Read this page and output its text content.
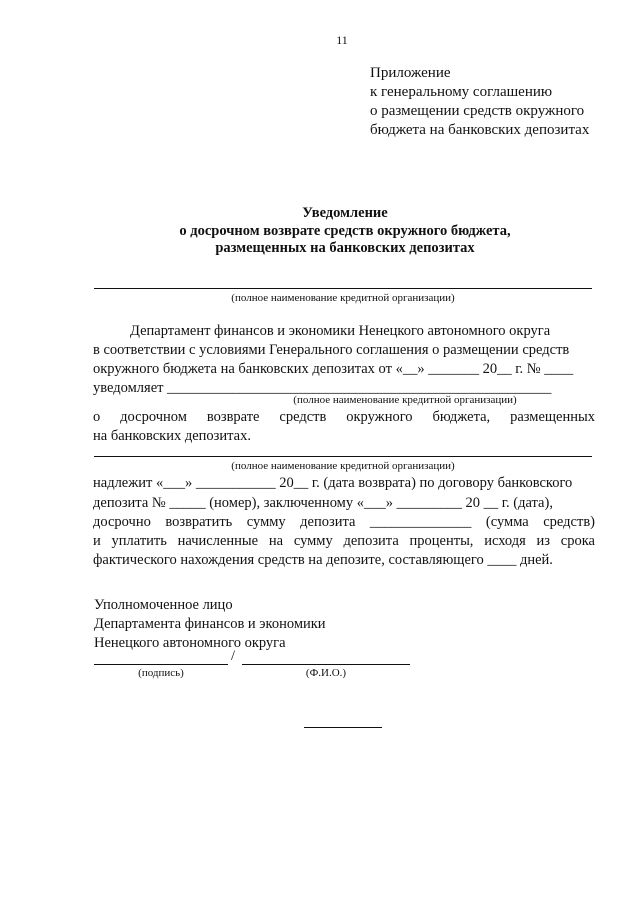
11
Приложение
к генеральному соглашению
о размещении средств окружного
бюджета на банковских депозитах
Уведомление
о досрочном возврате средств окружного бюджета,
размещенных на банковских депозитах
(полное наименование кредитной организации)
Департамент финансов и экономики Ненецкого автономного округа
в соответствии с условиями Генерального соглашения о размещении средств
окружного бюджета на банковских депозитах от «__» _______ 20__ г. № ____
уведомляет _____________________________________________________
(полное наименование кредитной организации)
о досрочном возврате средств окружного бюджета, размещенных
на банковских депозитах.
(полное наименование кредитной организации)
надлежит «___» ___________ 20__ г. (дата возврата) по договору банковского
депозита № _____ (номер), заключенному «___» _________ 20 __ г. (дата),
досрочно возвратить сумму депозита ______________ (сумма средств)
и уплатить начисленные на сумму депозита проценты, исходя из срока
фактического нахождения средств на депозите, составляющего ____ дней.
Уполномоченное лицо
Департамента финансов и экономики
Ненецкого автономного округа
/
(подпись)	(Ф.И.О.)
